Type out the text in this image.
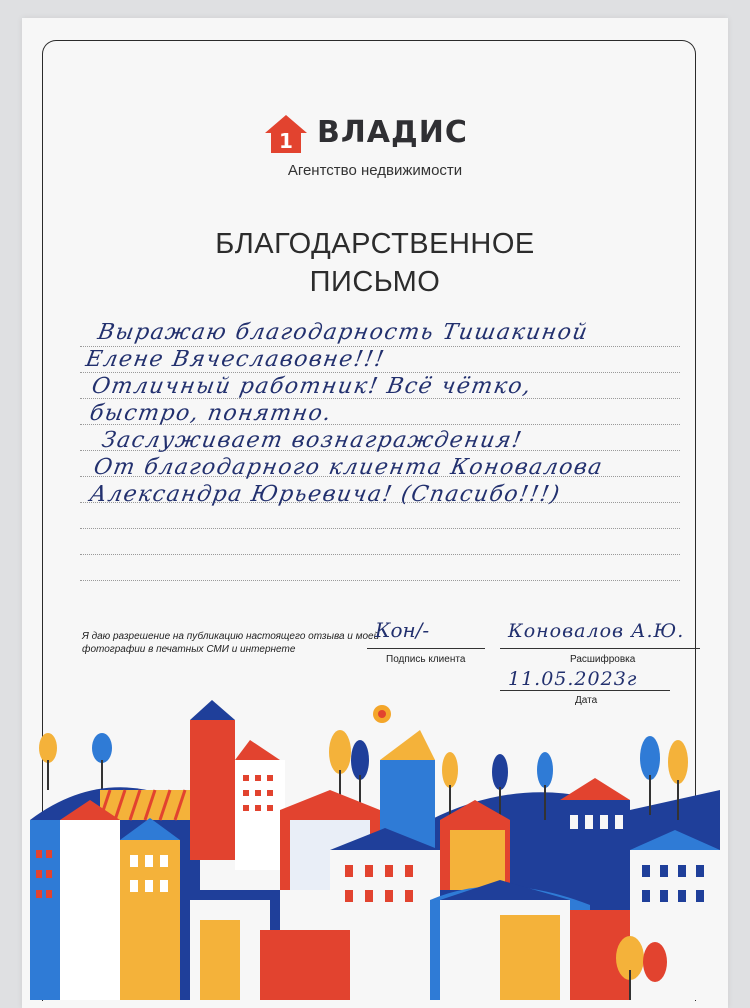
1 ВЛАДИС
Агентство недвижимости
БЛАГОДАРСТВЕННОЕ
ПИСЬМО
Выражаю благодарность Тишакиной
Елене Вячеславовне!!!
Отличный работник! Всё чётко,
быстро, понятно.
Заслуживает вознаграждения!
От благодарного клиента Коновалова
Александра Юрьевича! (Спасибо!!!)
Я даю разрешение на публикацию настоящего отзыва и моей фотографии в печатных СМИ и интернете
Кон/-
Подпись клиента
Коновалов А.Ю.
Расшифровка
11.05.2023г
Дата
